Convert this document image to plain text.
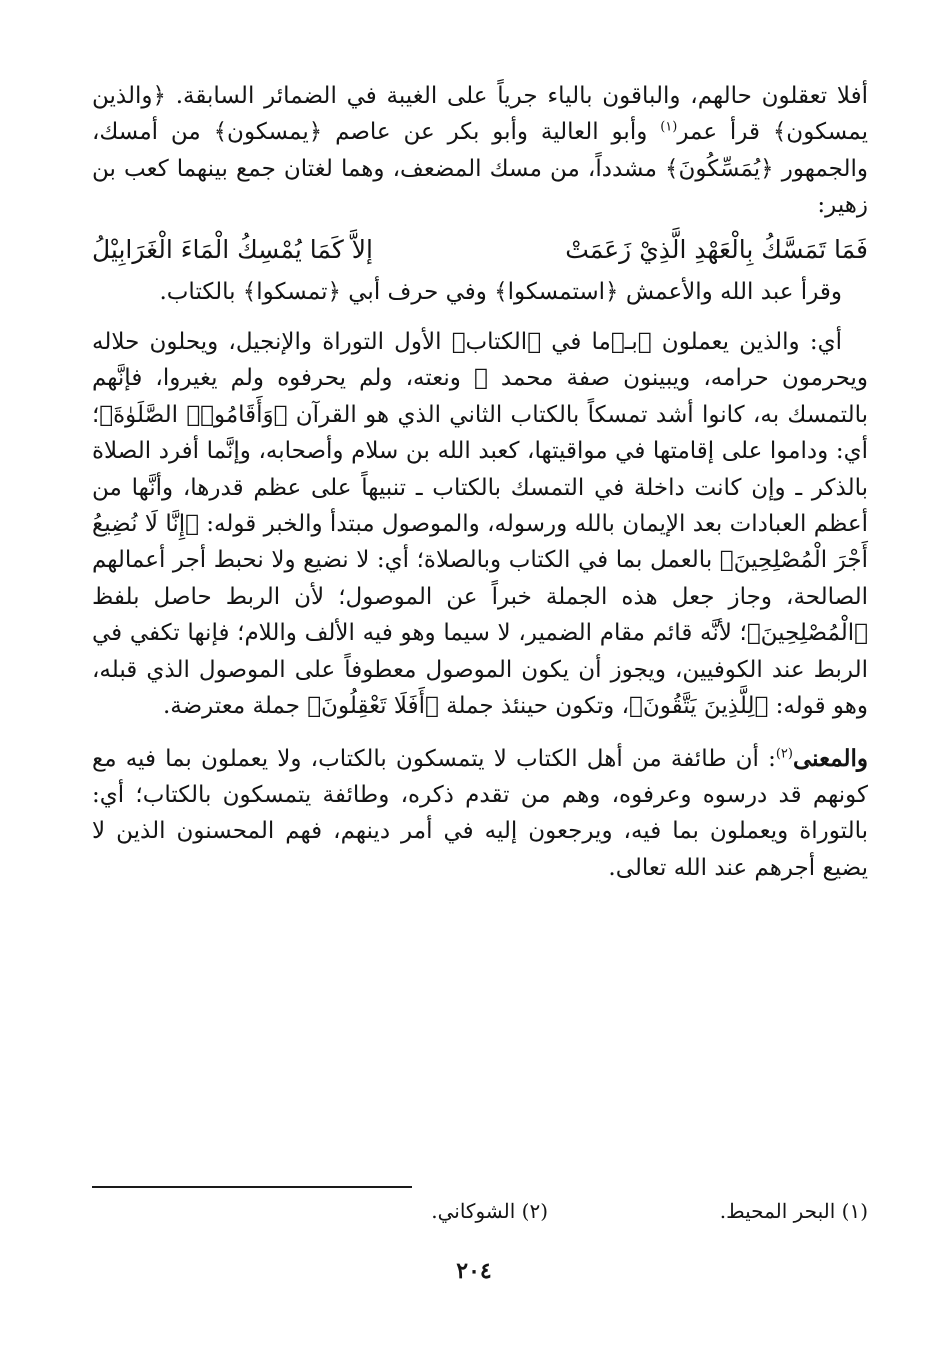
أفلا تعقلون حالهم، والباقون بالياء جرياً على الغيبة في الضمائر السابقة. ﴿والذين يمسكون﴾ قرأ عمر$^{(١)}$ وأبو العالية وأبو بكر عن عاصم ﴿يمسكون﴾ من أمسك، والجمهور ﴿يُمَسِّكُونَ﴾ مشدداً، من مسك المضعف، وهما لغتان جمع بينهما كعب بن زهير:

فَمَا تَمَسَّكُ بِالْعَهْدِ الَّذِيْ زَعَمَتْ
إلاَّ كَمَا يُمْسِكُ الْمَاءَ الْغَرَابِيْلُ

وقرأ عبد الله والأعمش ﴿استمسكوا﴾ وفي حرف أبي ﴿تمسكوا﴾ بالكتاب.

أي: والذين يعملون ﴿بـ﴾ما في ﴿الكتاب﴾ الأول التوراة والإنجيل، ويحلون حلاله ويحرمون حرامه، ويبينون صفة محمد ﷺ ونعته، ولم يحرفوه ولم يغيروا، فإنَّهم بالتمسك به، كانوا أشد تمسكاً بالكتاب الثاني الذي هو القرآن ﴿وَأَقَامُوا۟ الصَّلَوٰةَ﴾؛ أي: وداموا على إقامتها في مواقيتها، كعبد الله بن سلام وأصحابه، وإنَّما أفرد الصلاة بالذكر ـ وإن كانت داخلة في التمسك بالكتاب ـ تنبيهاً على عظم قدرها، وأنَّها من أعظم العبادات بعد الإيمان بالله ورسوله، والموصول مبتدأ والخبر قوله: ﴿إِنَّا لَا نُضِيعُ أَجْرَ الْمُصْلِحِينَ﴾ بالعمل بما في الكتاب وبالصلاة؛ أي: لا نضيع ولا نحبط أجر أعمالهم الصالحة، وجاز جعل هذه الجملة خبراً عن الموصول؛ لأن الربط حاصل بلفظ ﴿الْمُصْلِحِينَ﴾؛ لأنَّه قائم مقام الضمير، لا سيما وهو فيه الألف واللام؛ فإنها تكفي في الربط عند الكوفيين، ويجوز أن يكون الموصول معطوفاً على الموصول الذي قبله، وهو قوله: ﴿لِلَّذِينَ يَتَّقُونَ﴾، وتكون حينئذ جملة ﴿أَفَلَا تَعْقِلُونَ﴾ جملة معترضة.

والمعنى$^{(٢)}$: أن طائفة من أهل الكتاب لا يتمسكون بالكتاب، ولا يعملون بما فيه مع كونهم قد درسوه وعرفوه، وهم من تقدم ذكره، وطائفة يتمسكون بالكتاب؛ أي: بالتوراة ويعملون بما فيه، ويرجعون إليه في أمر دينهم، فهم المحسنون الذين لا يضيع أجرهم عند الله تعالى.

(١) البحر المحيط.
(٢) الشوكاني.
٢٠٤
